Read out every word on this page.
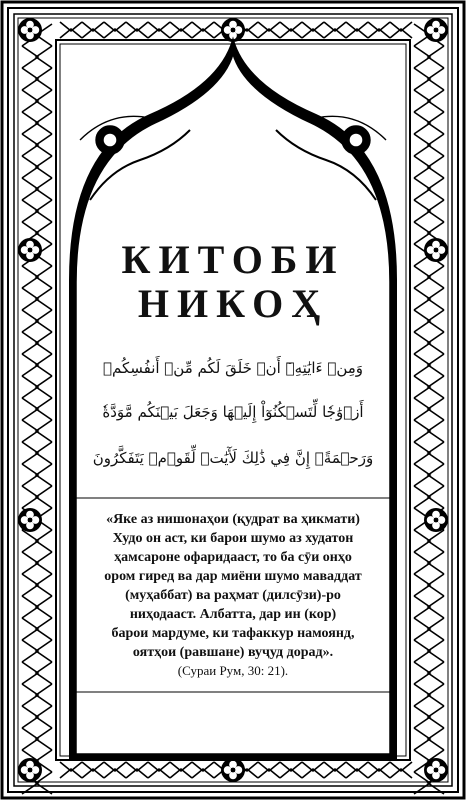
КИТОБИ
НИКОҲ
وَمِنۡ ءَايَٰتِهِۦٓ أَنۡ خَلَقَ لَكُم مِّنۡ أَنفُسِكُمۡ
أَزۡوَٰجٗا لِّتَسۡكُنُوٓاْ إِلَيۡهَا وَجَعَلَ بَيۡنَكُم مَّوَدَّةٗ
وَرَحۡمَةًۚ إِنَّ فِي ذَٰلِكَ لَأٓيَٰتٖ لِّقَوۡمٖ يَتَفَكَّرُونَ
«Яке аз нишонаҳои (қудрат ва ҳикмати)
Худо он аст, ки барои шумо аз худатон
ҳамсароне офаридааст, то ба сӯи онҳо
ором гиред ва дар миёни шумо маваддат
(муҳаббат) ва раҳмат (дилсӯзи)-ро
ниҳодааст. Албатта, дар ин (кор)
барои мардуме, ки тафаккур намоянд,
оятҳои (равшане) вуҷуд дорад».
(Сураи Рум, 30: 21).
